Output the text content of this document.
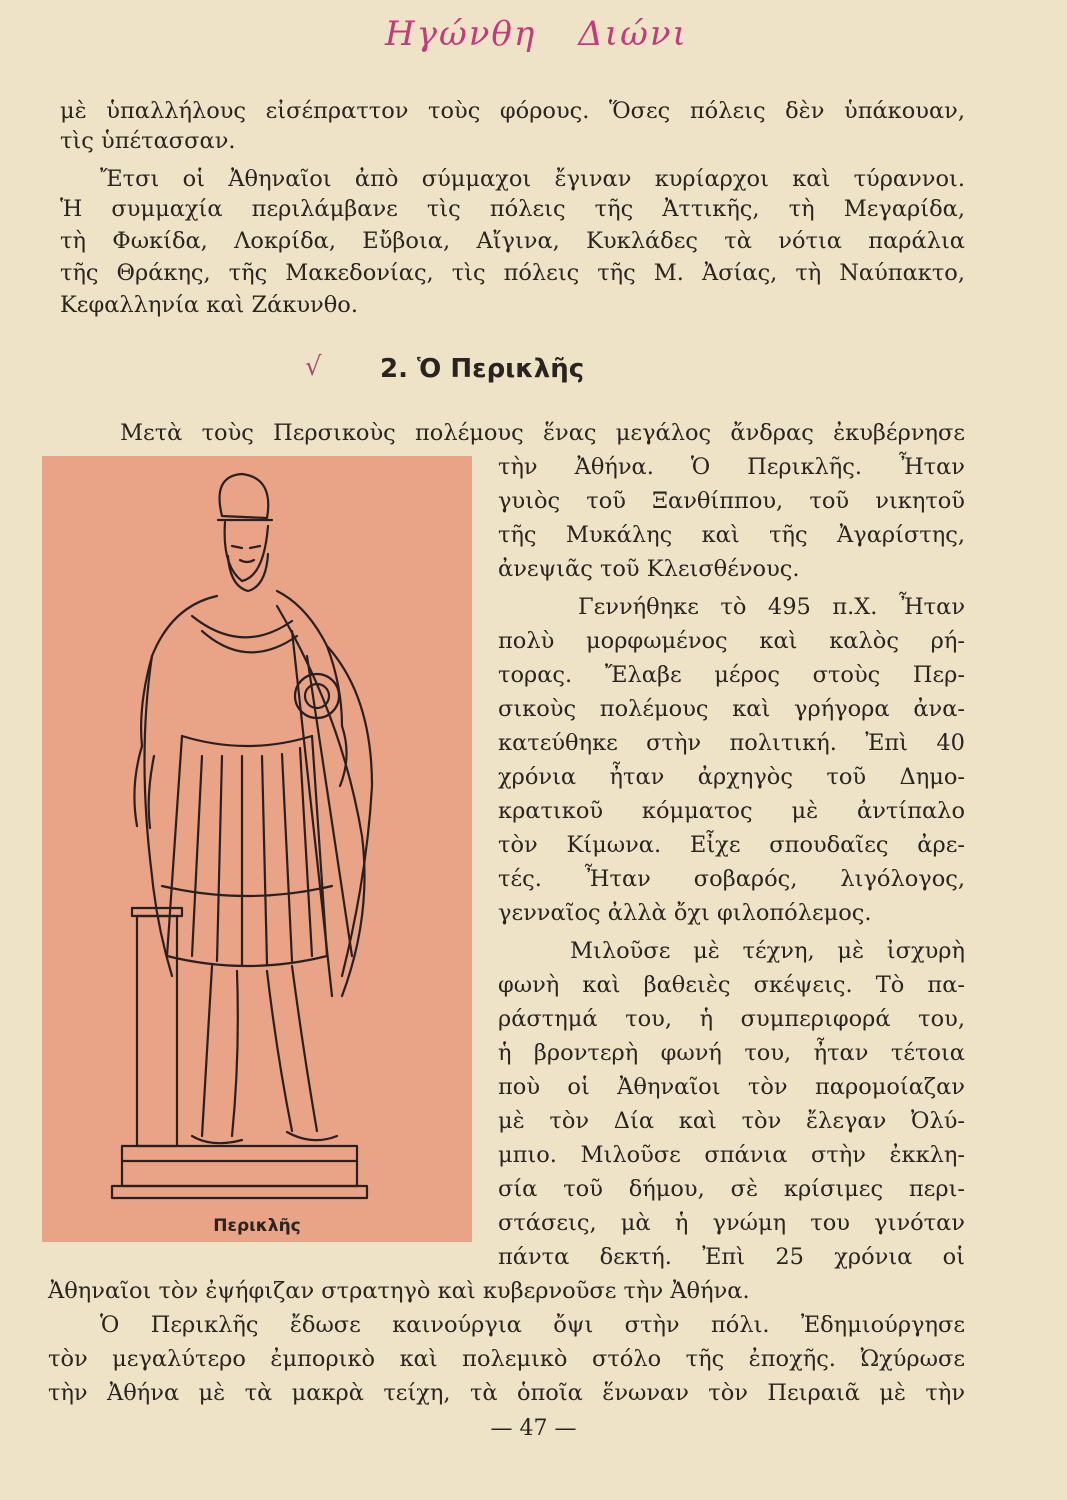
Ηγώνθη Διώνι
μὲ ὑπαλλήλους εἰσέπραττον τοὺς φόρους. Ὅσες πόλεις δὲν ὑπάκουαν,
τὶς ὑπέτασσαν.
Ἔτσι οἱ Ἀθηναῖοι ἀπὸ σύμμαχοι ἔγιναν κυρίαρχοι καὶ τύραννοι.
Ἡ συμμαχία περιλάμβανε τὶς πόλεις τῆς Ἀττικῆς, τὴ Μεγαρίδα,
τὴ Φωκίδα, Λοκρίδα, Εὔβοια, Αἴγινα, Κυκλάδες τὰ νότια παράλια
τῆς Θράκης, τῆς Μακεδονίας, τὶς πόλεις τῆς Μ. Ἀσίας, τὴ Ναύπακτο,
Κεφαλληνία καὶ Ζάκυνθο.
√ 2. Ὁ Περικλῆς
Μετὰ τοὺς Περσικοὺς πολέμους ἕνας μεγάλος ἄνδρας ἐκυβέρνησε
Περικλῆς
τὴν Ἀθήνα. Ὁ Περικλῆς. Ἦταν
γυιὸς τοῦ Ξανθίππου, τοῦ νικητοῦ
τῆς Μυκάλης καὶ τῆς Ἀγαρίστης,
ἀνεψιᾶς τοῦ Κλεισθένους.
Γεννήθηκε τὸ 495 π.Χ. Ἦταν
πολὺ μορφωμένος καὶ καλὸς ρή-
τορας. Ἔλαβε μέρος στοὺς Περ-
σικοὺς πολέμους καὶ γρήγορα ἀνα-
κατεύθηκε στὴν πολιτική. Ἐπὶ 40
χρόνια ἦταν ἀρχηγὸς τοῦ Δημο-
κρατικοῦ κόμματος μὲ ἀντίπαλο
τὸν Κίμωνα. Εἶχε σπουδαῖες ἀρε-
τές. Ἦταν σοβαρός, λιγόλογος,
γενναῖος ἀλλὰ ὄχι φιλοπόλεμος.
Μιλοῦσε μὲ τέχνη, μὲ ἰσχυρὴ
φωνὴ καὶ βαθειὲς σκέψεις. Τὸ πα-
ράστημά του, ἡ συμπεριφορά του,
ἡ βροντερὴ φωνή του, ἦταν τέτοια
ποὺ οἱ Ἀθηναῖοι τὸν παρομοίαζαν
μὲ τὸν Δία καὶ τὸν ἔλεγαν Ὀλύ-
μπιο. Μιλοῦσε σπάνια στὴν ἐκκλη-
σία τοῦ δήμου, σὲ κρίσιμες περι-
στάσεις, μὰ ἡ γνώμη του γινόταν
πάντα δεκτή. Ἐπὶ 25 χρόνια οἱ
Ἀθηναῖοι τὸν ἐψήφιζαν στρατηγὸ καὶ κυβερνοῦσε τὴν Ἀθήνα.
Ὁ Περικλῆς ἔδωσε καινούργια ὄψι στὴν πόλι. Ἐδημιούργησε
τὸν μεγαλύτερο ἐμπορικὸ καὶ πολεμικὸ στόλο τῆς ἐποχῆς. Ὠχύρωσε
τὴν Ἀθήνα μὲ τὰ μακρὰ τείχη, τὰ ὁποῖα ἕνωναν τὸν Πειραιᾶ μὲ τὴν
— 47 —
